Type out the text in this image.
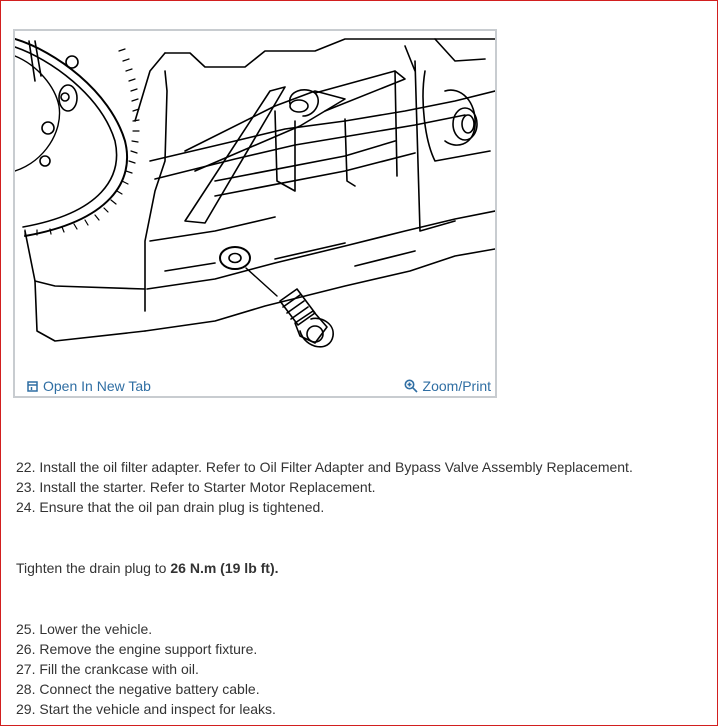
Open In New Tab	Zoom/Print
22. Install the oil filter adapter. Refer to Oil Filter Adapter and Bypass Valve Assembly Replacement.
23. Install the starter. Refer to Starter Motor Replacement.
24. Ensure that the oil pan drain plug is tightened.
Tighten the drain plug to 26 N.m (19 lb ft).
25. Lower the vehicle.
26. Remove the engine support fixture.
27. Fill the crankcase with oil.
28. Connect the negative battery cable.
29. Start the vehicle and inspect for leaks.
